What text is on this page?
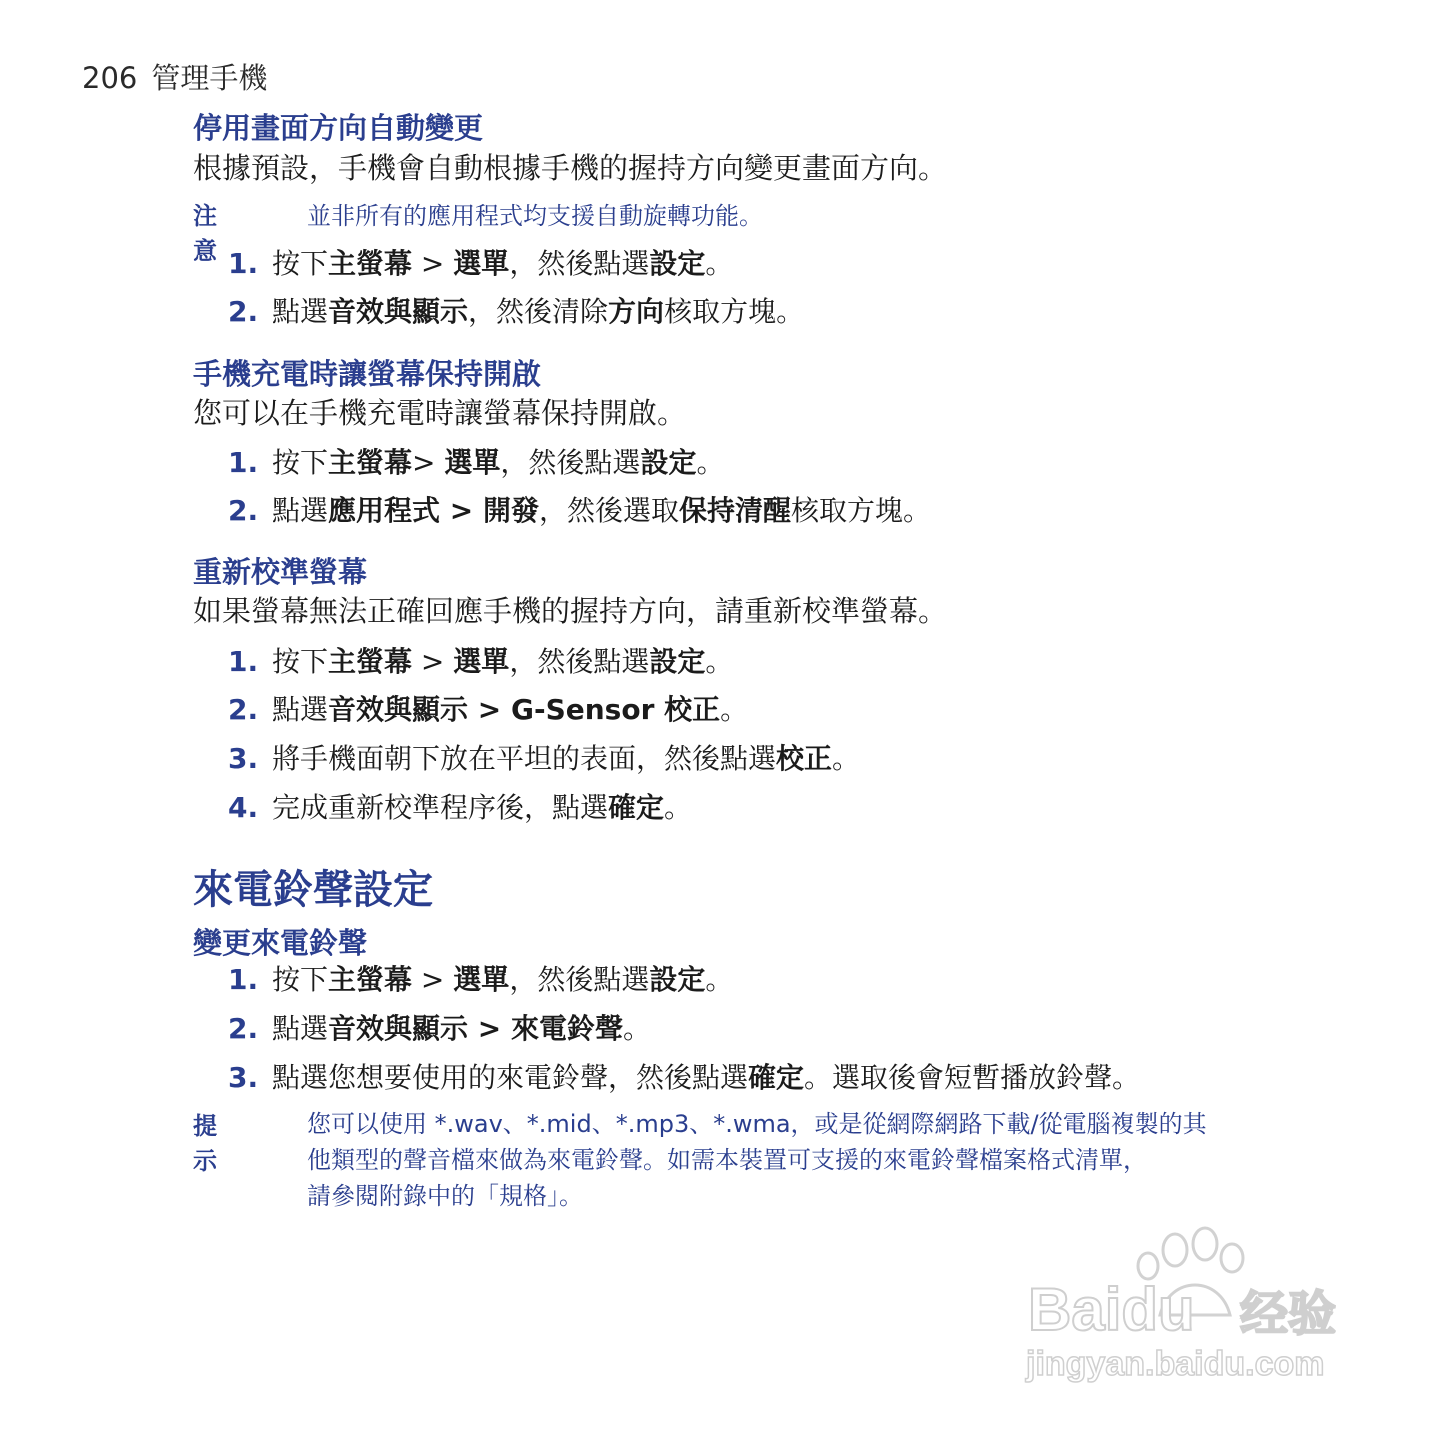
206 管理手機
停用畫面方向自動變更
根據預設，手機會自動根據手機的握持方向變更畫面方向。
注意
並非所有的應用程式均支援自動旋轉功能。
1. 按下主螢幕 > 選單，然後點選設定。
2. 點選音效與顯示，然後清除方向核取方塊。
手機充電時讓螢幕保持開啟
您可以在手機充電時讓螢幕保持開啟。
1. 按下主螢幕> 選單，然後點選設定。
2. 點選應用程式 > 開發，然後選取保持清醒核取方塊。
重新校準螢幕
如果螢幕無法正確回應手機的握持方向，請重新校準螢幕。
1. 按下主螢幕 > 選單，然後點選設定。
2. 點選音效與顯示 > G-Sensor 校正。
3. 將手機面朝下放在平坦的表面，然後點選校正。
4. 完成重新校準程序後，點選確定。
來電鈴聲設定
變更來電鈴聲
1. 按下主螢幕 > 選單，然後點選設定。
2. 點選音效與顯示 > 來電鈴聲。
3. 點選您想要使用的來電鈴聲，然後點選確定。選取後會短暫播放鈴聲。
提示
您可以使用 *.wav、*.mid、*.mp3、*.wma，或是從網際網路下載/從電腦複製的其
他類型的聲音檔來做為來電鈴聲。如需本裝置可支援的來電鈴聲檔案格式清單，
請參閱附錄中的「規格」。
Baidu 经验
jingyan.baidu.com
